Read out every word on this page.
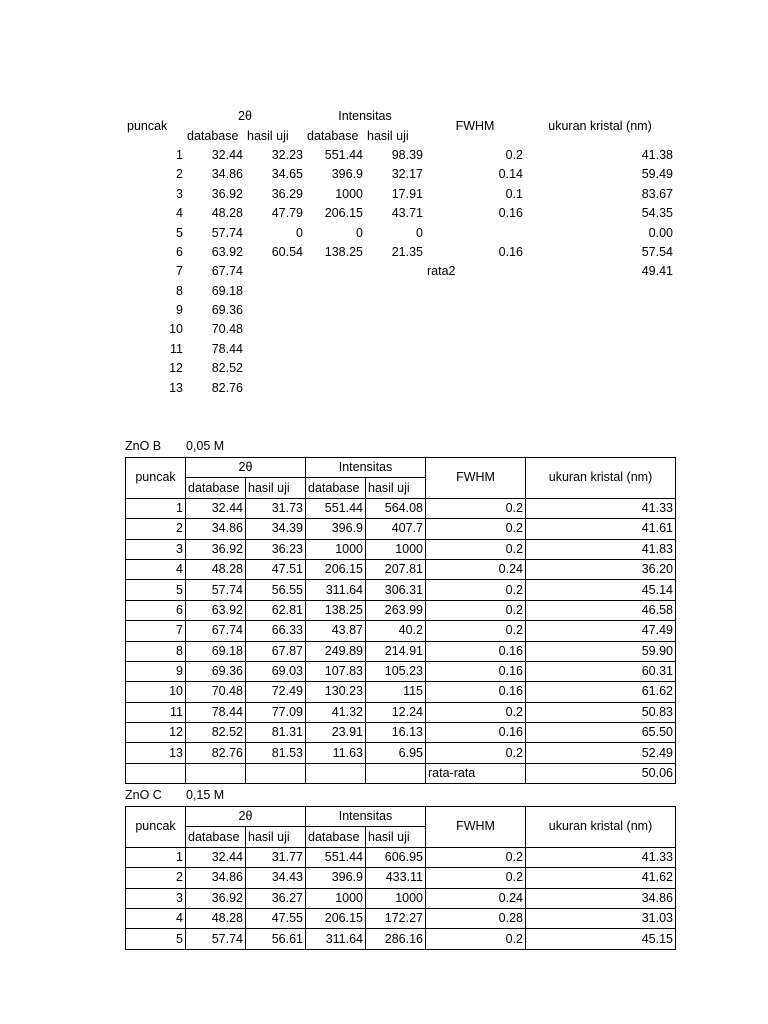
puncak	2θ		Intensitas		FWHM	ukuran kristal (nm)
	database	hasil uji	database	hasil uji		
1	32.44	32.23	551.44	98.39	0.2	41.38
2	34.86	34.65	396.9	32.17	0.14	59.49
3	36.92	36.29	1000	17.91	0.1	83.67
4	48.28	47.79	206.15	43.71	0.16	54.35
5	57.74	0	0	0		0.00
6	63.92	60.54	138.25	21.35	0.16	57.54
7	67.74				rata2	49.41
8	69.18					
9	69.36					
10	70.48					
11	78.44					
12	82.52					
13	82.76					
ZnO B 0,05 M
puncak	2θ		Intensitas		FWHM	ukuran kristal (nm)
	database	hasil uji	database	hasil uji		
1	32.44	31.73	551.44	564.08	0.2	41.33
2	34.86	34.39	396.9	407.7	0.2	41.61
3	36.92	36.23	1000	1000	0.2	41.83
4	48.28	47.51	206.15	207.81	0.24	36.20
5	57.74	56.55	311.64	306.31	0.2	45.14
6	63.92	62.81	138.25	263.99	0.2	46.58
7	67.74	66.33	43.87	40.2	0.2	47.49
8	69.18	67.87	249.89	214.91	0.16	59.90
9	69.36	69.03	107.83	105.23	0.16	60.31
10	70.48	72.49	130.23	115	0.16	61.62
11	78.44	77.09	41.32	12.24	0.2	50.83
12	82.52	81.31	23.91	16.13	0.16	65.50
13	82.76	81.53	11.63	6.95	0.2	52.49
					rata-rata	50.06
ZnO C 0,15 M
puncak	2θ		Intensitas		FWHM	ukuran kristal (nm)
	database	hasil uji	database	hasil uji		
1	32.44	31.77	551.44	606.95	0.2	41.33
2	34.86	34.43	396.9	433.11	0.2	41.62
3	36.92	36.27	1000	1000	0.24	34.86
4	48.28	47.55	206.15	172.27	0.28	31.03
5	57.74	56.61	311.64	286.16	0.2	45.15
